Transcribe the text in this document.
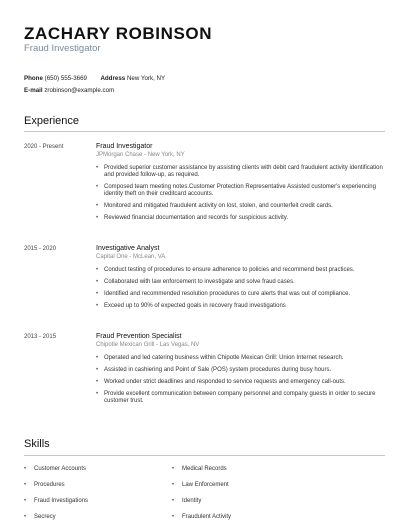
ZACHARY ROBINSON
Fraud Investigator
Phone (650) 555-3669 Address New York, NY
E-mail zrobinson@example.com
Experience
2020 - Present	Fraud Investigator
JPMorgan Chase - New York, NY
• Provided superior customer assistance by assisting clients with debit card fraudulent activity identification and provided follow-up, as required.
• Composed team meeting notes.Customer Protection Representative Assisted customer's experiencing identity theft on their creditcard accounts.
• Monitored and mitigated fraudulent activity on lost, stolen, and counterfeit credit cards.
• Reviewed financial documentation and records for suspicious activity.
2015 - 2020	Investigative Analyst
Capital One - McLean, VA
• Conduct testing of procedures to ensure adherence to policies and recommend best practices.
• Collaborated with law enforcement to investigate and solve fraud cases.
• Identified and recommended resolution procedures to cure alerts that was out of compliance.
• Exceed up to 90% of expected goals in recovery fraud investigations
2013 - 2015	Fraud Prevention Specialist
Chipotle Mexican Grill - Las Vegas, NV
• Operated and led catering business within Chipotle Mexican Grill: Union Internet research.
• Assisted in cashiering and Point of Sale (POS) system procedures during busy hours.
• Worked under strict deadlines and responded to service requests and emergency call-outs.
• Provide excellent communication between company personnel and company guests in order to secure customer trust.
Skills
• Customer Accounts
• Procedures
• Fraud Investigations
• Secrecy
• Medical Records
• Law Enforcement
• Identity
• Fraudulent Activity
